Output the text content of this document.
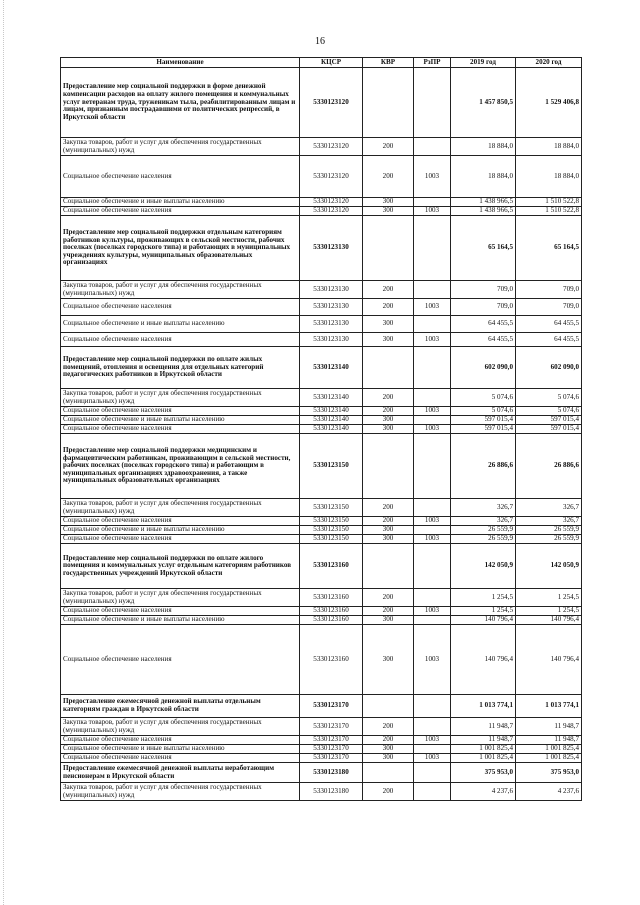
16
Наименование	КЦСР	КВР	РзПР	2019 год	2020 год
Предоставление мер социальной поддержки в форме денежной компенсации расходов на оплату жилого помещения и коммунальных услуг ветеранам труда, труженикам тыла, реабилитированным лицам и лицам, признанным пострадавшими от политических репрессий, в Иркутской области	5330123120			1 457 850,5	1 529 406,8
Закупка товаров, работ и услуг для обеспечения государственных (муниципальных) нужд	5330123120	200		18 884,0	18 884,0
Социальное обеспечение населения	5330123120	200	1003	18 884,0	18 884,0
Социальное обеспечение и иные выплаты населению	5330123120	300		1 438 966,5	1 510 522,8
Социальное обеспечение населения	5330123120	300	1003	1 438 966,5	1 510 522,8
Предоставление мер социальной поддержки отдельным категориям работников культуры, проживающих в сельской местности, рабочих поселках (поселках городского типа) и работающих в муниципальных учреждениях культуры, муниципальных образовательных организациях	5330123130			65 164,5	65 164,5
Закупка товаров, работ и услуг для обеспечения государственных (муниципальных) нужд	5330123130	200		709,0	709,0
Социальное обеспечение населения	5330123130	200	1003	709,0	709,0
Социальное обеспечение и иные выплаты населению	5330123130	300		64 455,5	64 455,5
Социальное обеспечение населения	5330123130	300	1003	64 455,5	64 455,5
Предоставление мер социальной поддержки по оплате жилых помещений, отопления и освещения для отдельных категорий педагогических работников в Иркутской области	5330123140			602 090,0	602 090,0
Закупка товаров, работ и услуг для обеспечения государственных (муниципальных) нужд	5330123140	200		5 074,6	5 074,6
Социальное обеспечение населения	5330123140	200	1003	5 074,6	5 074,6
Социальное обеспечение и иные выплаты населению	5330123140	300		597 015,4	597 015,4
Социальное обеспечение населения	5330123140	300	1003	597 015,4	597 015,4
Предоставление мер социальной поддержки медицинским и фармацевтическим работникам, проживающим в сельской местности, рабочих поселках (поселках городского типа) и работающим в муниципальных организациях здравоохранения, а также муниципальных образовательных организациях	5330123150			26 886,6	26 886,6
Закупка товаров, работ и услуг для обеспечения государственных (муниципальных) нужд	5330123150	200		326,7	326,7
Социальное обеспечение населения	5330123150	200	1003	326,7	326,7
Социальное обеспечение и иные выплаты населению	5330123150	300		26 559,9	26 559,9
Социальное обеспечение населения	5330123150	300	1003	26 559,9	26 559,9
Предоставление мер социальной поддержки по оплате жилого помещения и коммунальных услуг отдельным категориям работников государственных учреждений Иркутской области	5330123160			142 050,9	142 050,9
Закупка товаров, работ и услуг для обеспечения государственных (муниципальных) нужд	5330123160	200		1 254,5	1 254,5
Социальное обеспечение населения	5330123160	200	1003	1 254,5	1 254,5
Социальное обеспечение и иные выплаты населению	5330123160	300		140 796,4	140 796,4
Социальное обеспечение населения	5330123160	300	1003	140 796,4	140 796,4
Предоставление ежемесячной денежной выплаты отдельным категориям граждан в Иркутской области	5330123170			1 013 774,1	1 013 774,1
Закупка товаров, работ и услуг для обеспечения государственных (муниципальных) нужд	5330123170	200		11 948,7	11 948,7
Социальное обеспечение населения	5330123170	200	1003	11 948,7	11 948,7
Социальное обеспечение и иные выплаты населению	5330123170	300		1 001 825,4	1 001 825,4
Социальное обеспечение населения	5330123170	300	1003	1 001 825,4	1 001 825,4
Предоставление ежемесячной денежной выплаты неработающим пенсионерам в Иркутской области	5330123180			375 953,0	375 953,0
Закупка товаров, работ и услуг для обеспечения государственных (муниципальных) нужд	5330123180	200		4 237,6	4 237,6
